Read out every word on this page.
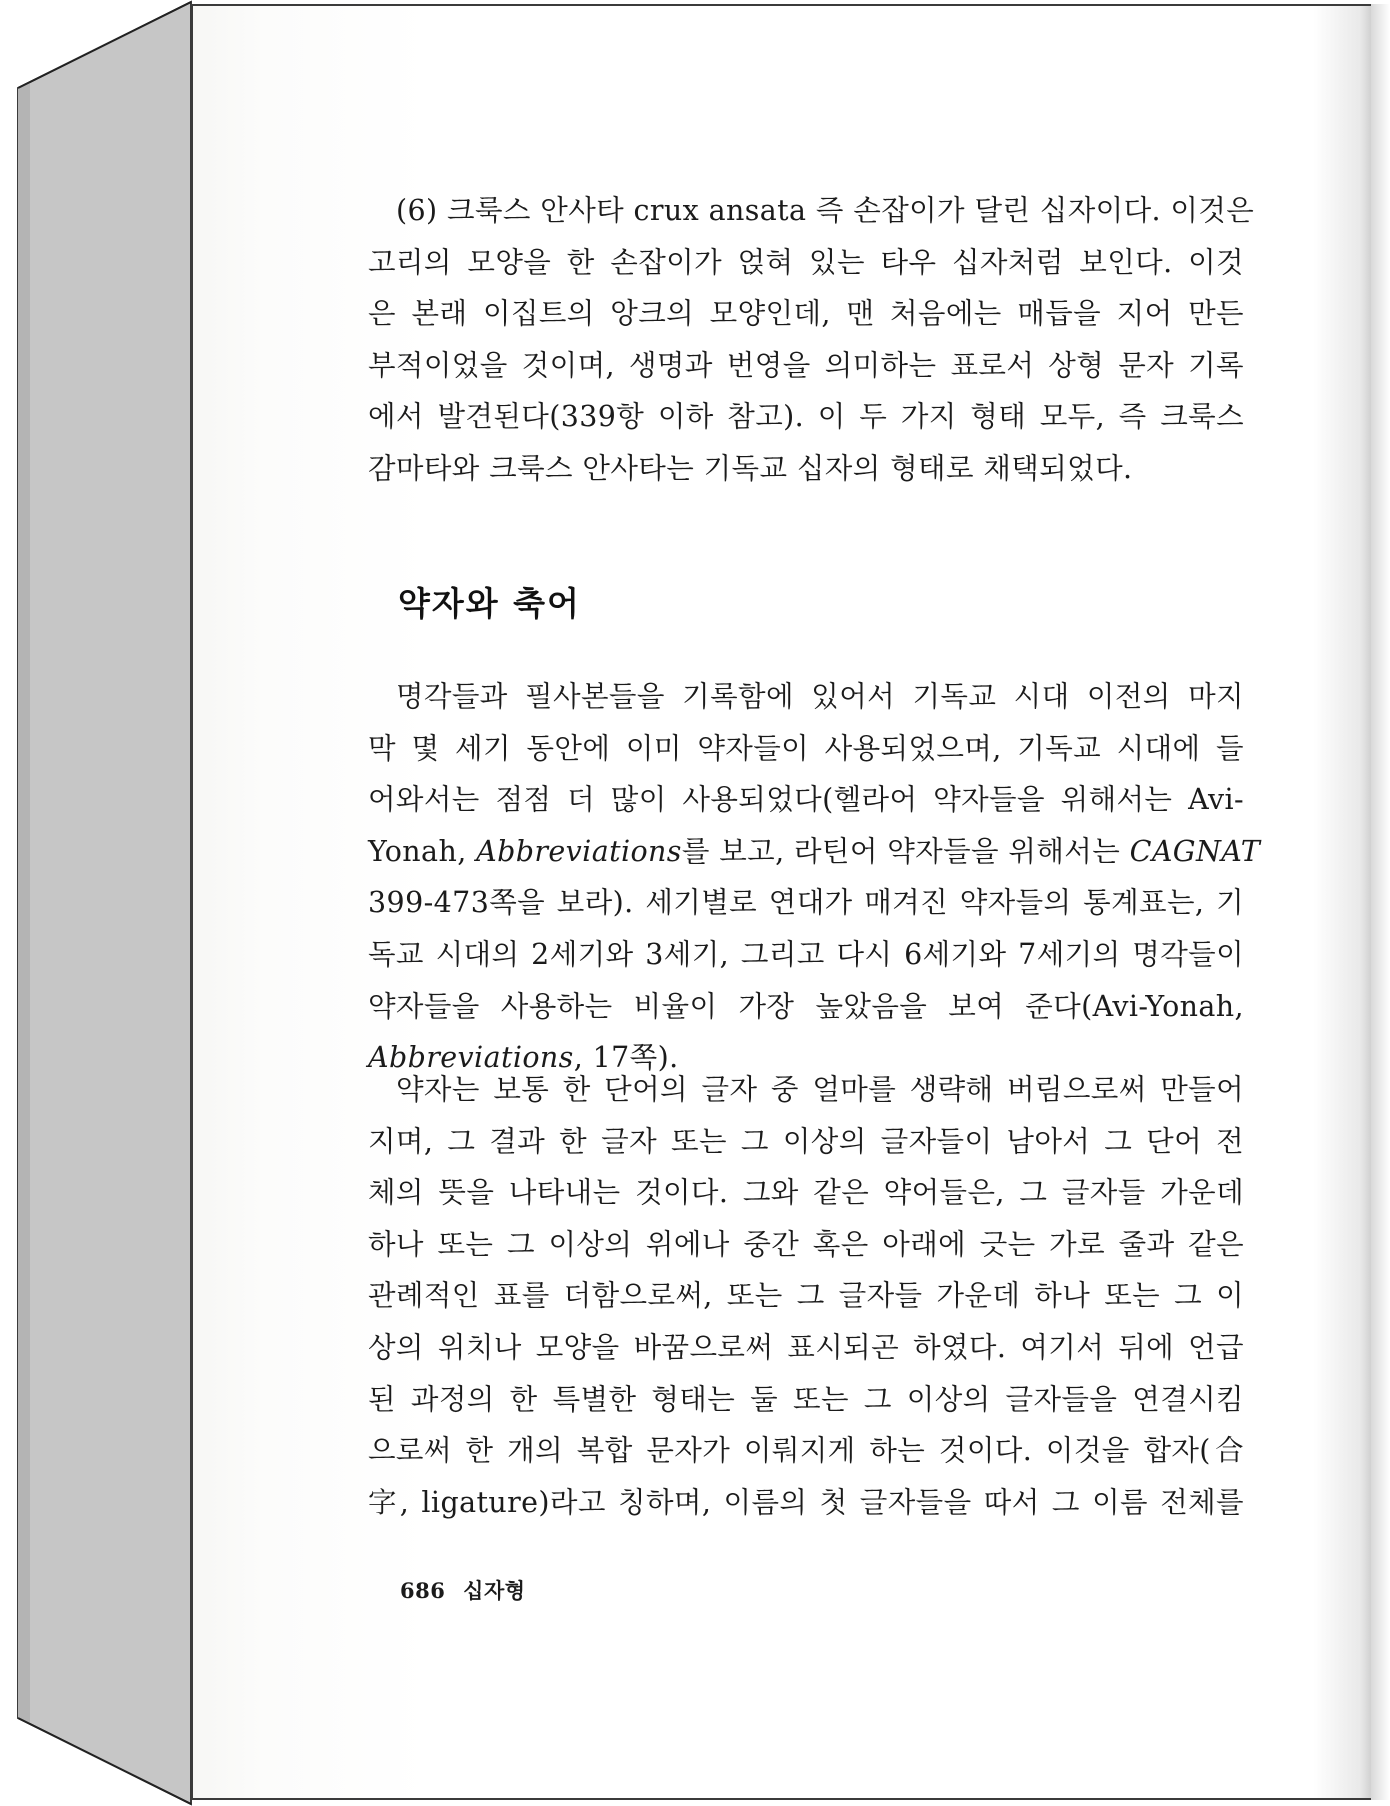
(6) 크룩스 안사타 crux ansata 즉 손잡이가 달린 십자이다. 이것은

고리의 모양을 한 손잡이가 얹혀 있는 타우 십자처럼 보인다. 이것

은 본래 이집트의 앙크의 모양인데, 맨 처음에는 매듭을 지어 만든

부적이었을 것이며, 생명과 번영을 의미하는 표로서 상형 문자 기록

에서 발견된다(339항 이하 참고). 이 두 가지 형태 모두, 즉 크룩스

감마타와 크룩스 안사타는 기독교 십자의 형태로 채택되었다.

약자와 축어

명각들과 필사본들을 기록함에 있어서 기독교 시대 이전의 마지

막 몇 세기 동안에 이미 약자들이 사용되었으며, 기독교 시대에 들

어와서는 점점 더 많이 사용되었다(헬라어 약자들을 위해서는 Avi-

Yonah, Abbreviations를 보고, 라틴어 약자들을 위해서는 CAGNAT

399-473쪽을 보라). 세기별로 연대가 매겨진 약자들의 통계표는, 기

독교 시대의 2세기와 3세기, 그리고 다시 6세기와 7세기의 명각들이

약자들을 사용하는 비율이 가장 높았음을 보여 준다(Avi-Yonah,

Abbreviations, 17쪽).

약자는 보통 한 단어의 글자 중 얼마를 생략해 버림으로써 만들어

지며, 그 결과 한 글자 또는 그 이상의 글자들이 남아서 그 단어 전

체의 뜻을 나타내는 것이다. 그와 같은 약어들은, 그 글자들 가운데

하나 또는 그 이상의 위에나 중간 혹은 아래에 긋는 가로 줄과 같은

관례적인 표를 더함으로써, 또는 그 글자들 가운데 하나 또는 그 이

상의 위치나 모양을 바꿈으로써 표시되곤 하였다. 여기서 뒤에 언급

된 과정의 한 특별한 형태는 둘 또는 그 이상의 글자들을 연결시킴

으로써 한 개의 복합 문자가 이뤄지게 하는 것이다. 이것을 합자(合

字, ligature)라고 칭하며, 이름의 첫 글자들을 따서 그 이름 전체를

686 십자형
